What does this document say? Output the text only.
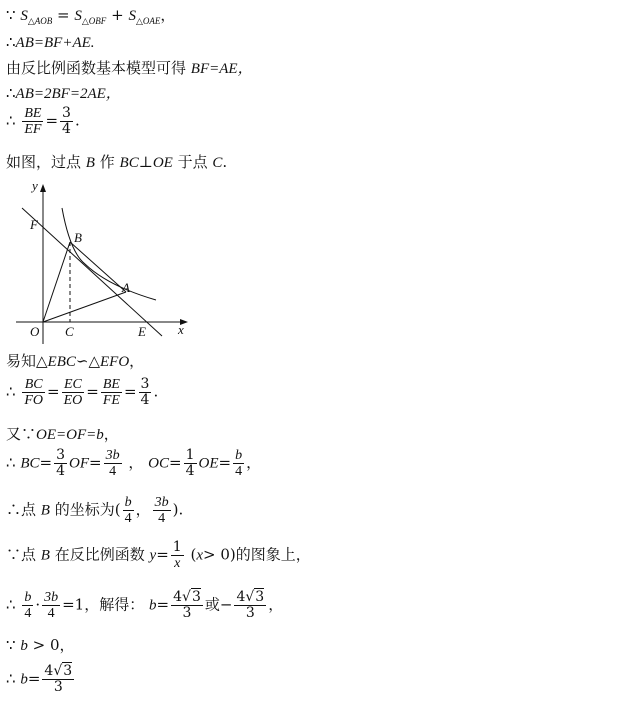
∵ $S_{\triangle AOB} = S_{\triangle OBF} + S_{\triangle OAE}$，
∴AB=BF+AE.
由反比例函数基本模型可得 BF=AE，
∴AB=2BF=2AE，
∴ $\frac{BE}{EF} = \frac{3}{4}$ .
如图，过点 B 作 BC⊥OE 于点 C.
y
x
O C	E
F
B
A
易知△EBC∽△EFO，
∴ $\frac{BC}{FO} = \frac{EC}{EO} = \frac{BE}{FE} = \frac{3}{4}$ .
又∵OE=OF=b，
∴ $BC= \frac{3}{4} OF= \frac{3b}{4}$ ， $OC= \frac{1}{4} OE= \frac{b}{4}$ ，
∴点 B 的坐标为( $\frac{b}{4}$ ， $\frac{3b}{4}$ ).
∵点 B 在反比例函数 $y= \frac{1}{x} (x> 0)$的图象上，
∴ $\frac{b}{4} \cdot \frac{3b}{4} =1$，解得： $b= \frac{4√3}{3}$ 或− $\frac{4√3}{3}$ ，
∵ b > 0，
∴ $b= \frac{4√3}{3}$
